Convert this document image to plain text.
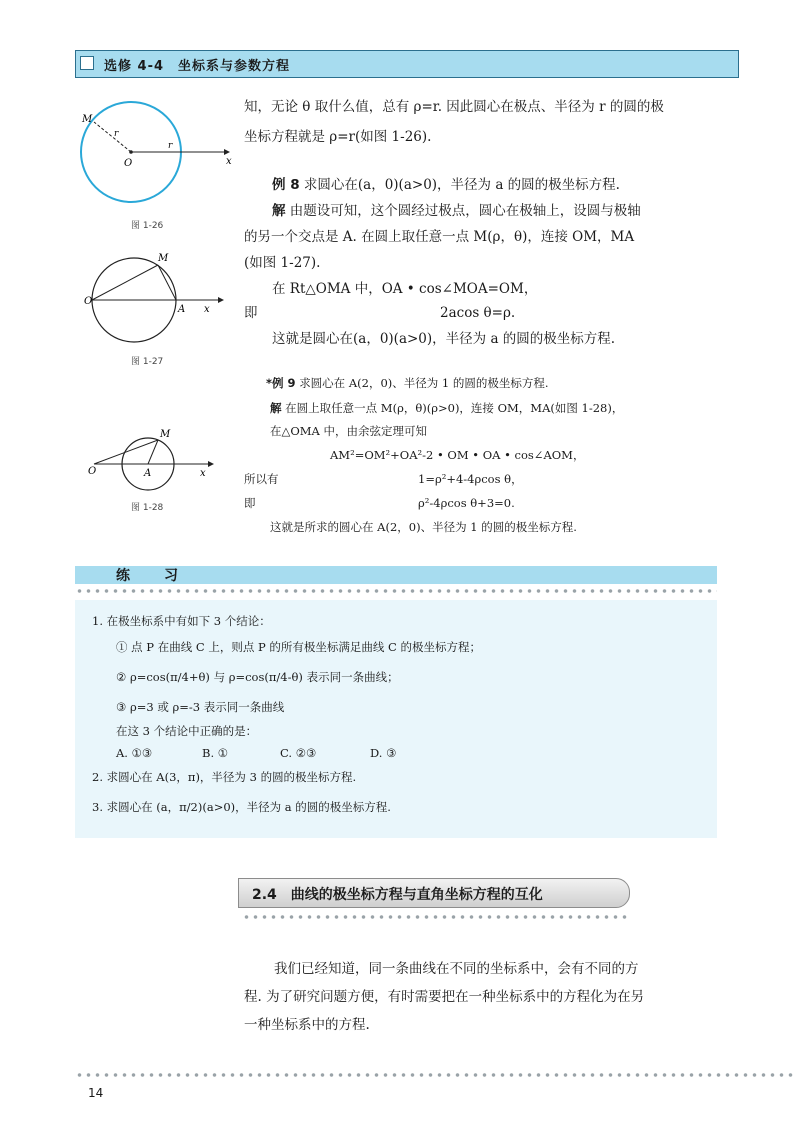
选修 4-4　坐标系与参数方程
知，无论 θ 取什么值，总有 ρ=r. 因此圆心在极点、半径为 r 的圆的极
坐标方程就是 ρ=r(如图 1-26).
M
O	x
r
r
图 1-26
M
O
A x
图 1-27
M
O	A	x
图 1-28
例 8 求圆心在(a，0)(a>0)，半径为 a 的圆的极坐标方程.
解 由题设可知，这个圆经过极点，圆心在极轴上，设圆与极轴
的另一个交点是 A. 在圆上取任意一点 M(ρ，θ)，连接 OM，MA
(如图 1-27).
在 Rt△OMA 中，OA • cos∠MOA=OM，
即	2acos θ=ρ.
这就是圆心在(a，0)(a>0)，半径为 a 的圆的极坐标方程.
*例 9 求圆心在 A(2，0)、半径为 1 的圆的极坐标方程.
解 在圆上取任意一点 M(ρ，θ)(ρ>0)，连接 OM，MA(如图 1-28)，
在△OMA 中，由余弦定理可知
AM²=OM²+OA²-2 • OM • OA • cos∠AOM，
所以有	1=ρ²+4-4ρcos θ，
即	ρ²-4ρcos θ+3=0.
这就是所求的圆心在 A(2，0)、半径为 1 的圆的极坐标方程.
练　习
1. 在极坐标系中有如下 3 个结论：
① 点 P 在曲线 C 上，则点 P 的所有极坐标满足曲线 C 的极坐标方程；
② ρ=cos(π/4+θ) 与 ρ=cos(π/4-θ) 表示同一条曲线；
③ ρ=3 或 ρ=-3 表示同一条曲线
在这 3 个结论中正确的是：
A. ①③	B. ①	C. ②③	D. ③
2. 求圆心在 A(3，π)，半径为 3 的圆的极坐标方程.
3. 求圆心在 (a，π/2)(a>0)，半径为 a 的圆的极坐标方程.
2.4　曲线的极坐标方程与直角坐标方程的互化
我们已经知道，同一条曲线在不同的坐标系中，会有不同的方
程. 为了研究问题方便，有时需要把在一种坐标系中的方程化为在另
一种坐标系中的方程.
14
